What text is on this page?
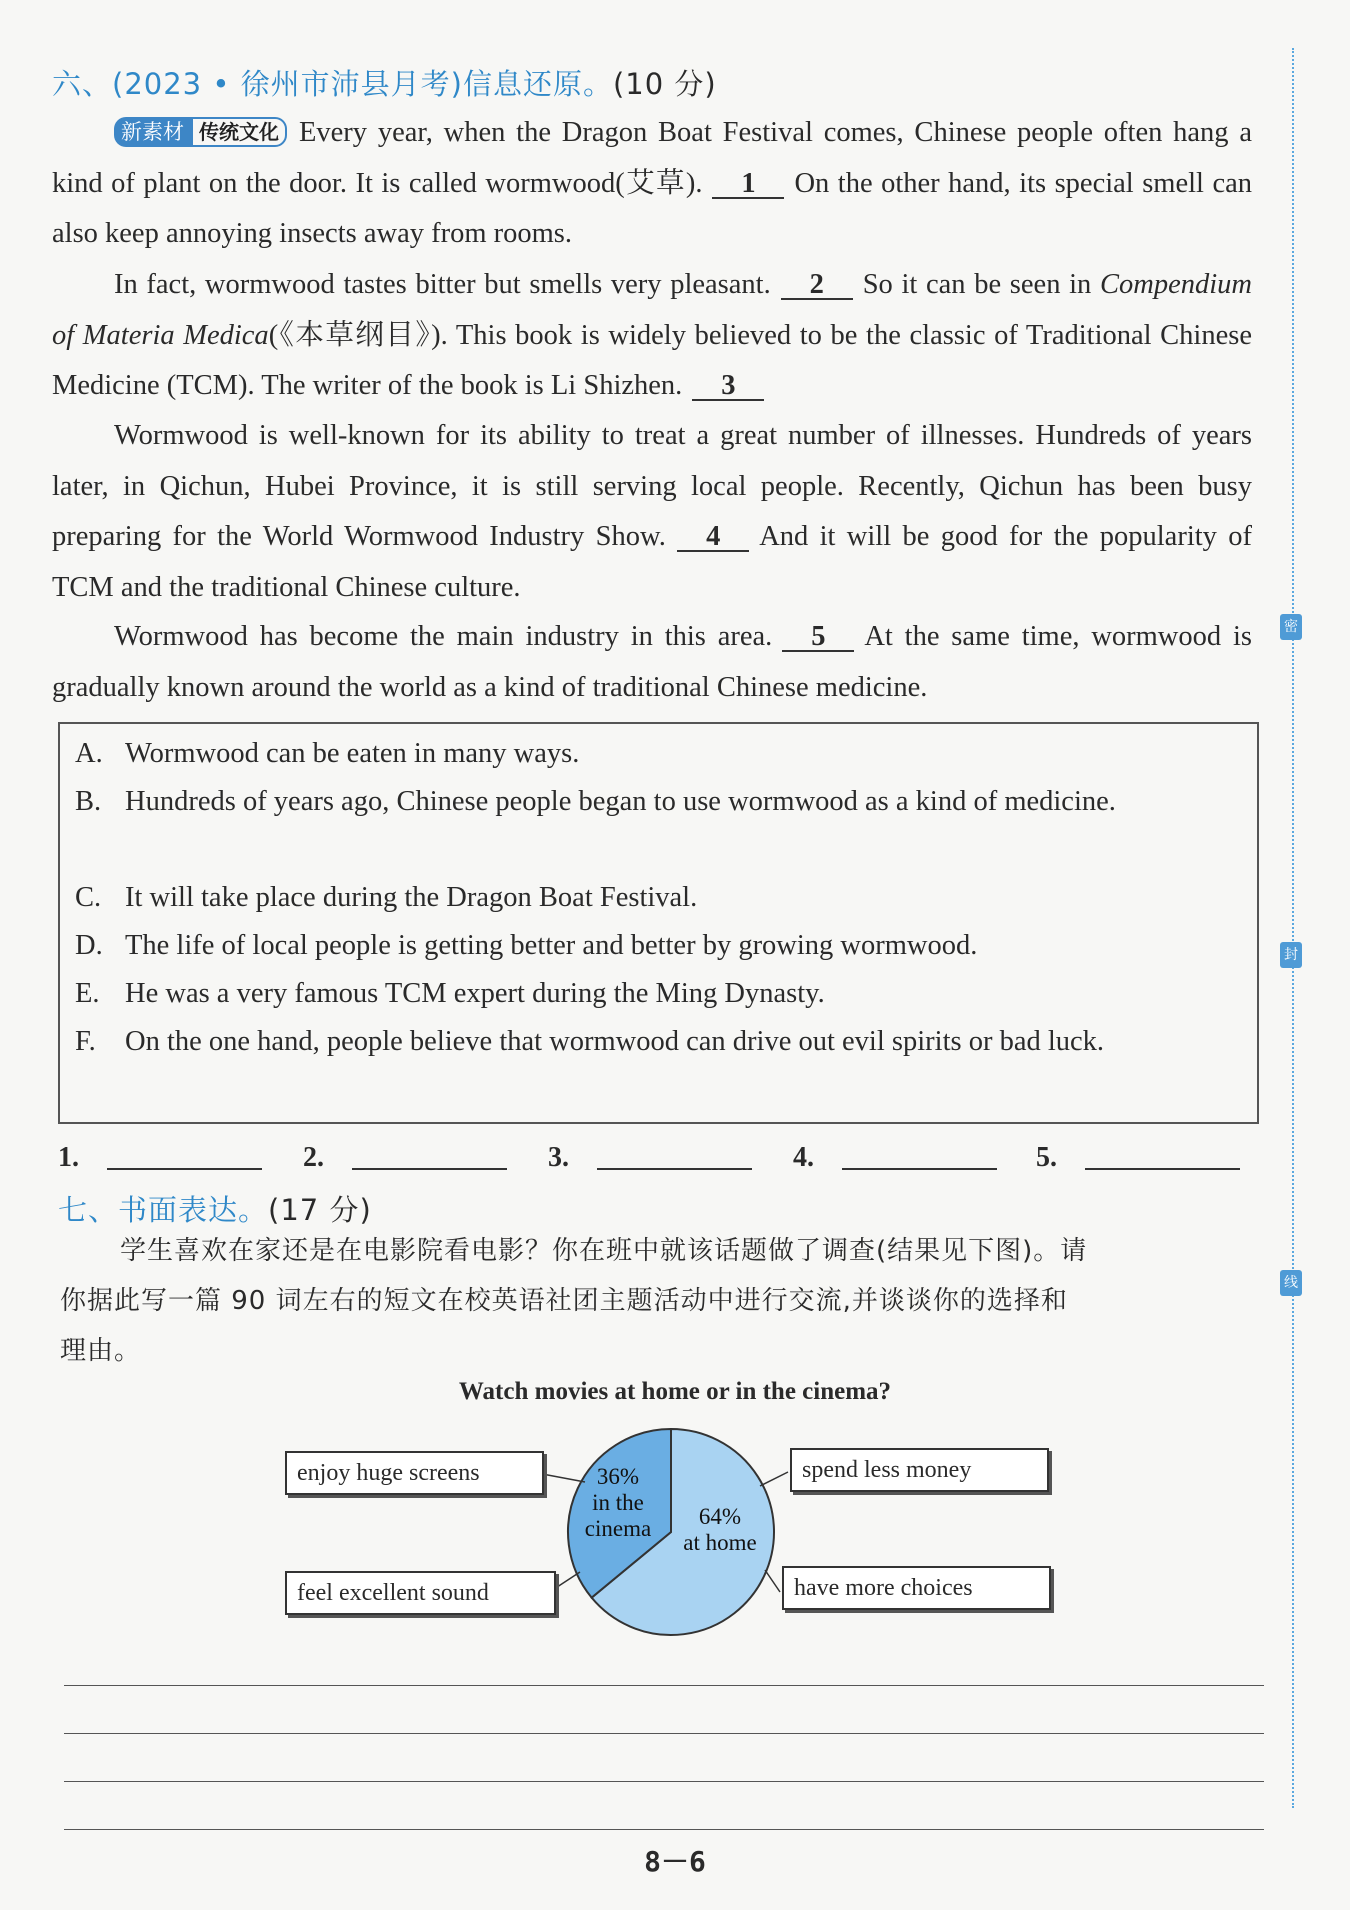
六、(2023 • 徐州市沛县月考)信息还原。(10 分)
新素材 传统文化 Every year, when the Dragon Boat Festival comes, Chinese people often hang a kind of plant on the door. It is called wormwood(艾草). 1 On the other hand, its special smell can also keep annoying insects away from rooms.
In fact, wormwood tastes bitter but smells very pleasant. 2 So it can be seen in Compendium of Materia Medica(《本草纲目》). This book is widely believed to be the classic of Traditional Chinese Medicine (TCM). The writer of the book is Li Shizhen. 3
Wormwood is well-known for its ability to treat a great number of illnesses. Hundreds of years later, in Qichun, Hubei Province, it is still serving local people. Recently, Qichun has been busy preparing for the World Wormwood Industry Show. 4 And it will be good for the popularity of TCM and the traditional Chinese culture.
Wormwood has become the main industry in this area. 5 At the same time, wormwood is gradually known around the world as a kind of traditional Chinese medicine.
A. Wormwood can be eaten in many ways.
B. Hundreds of years ago, Chinese people began to use wormwood as a kind of medicine.
C. It will take place during the Dragon Boat Festival.
D. The life of local people is getting better and better by growing wormwood.
E. He was a very famous TCM expert during the Ming Dynasty.
F. On the one hand, people believe that wormwood can drive out evil spirits or bad luck.
1.	2.	3.	4.	5.
七、书面表达。(17 分)
学生喜欢在家还是在电影院看电影？你在班中就该话题做了调查(结果见下图)。请
你据此写一篇 90 词左右的短文在校英语社团主题活动中进行交流,并谈谈你的选择和
理由。
Watch movies at home or in the cinema?
36%
in the
cinema 64%
at home
enjoy huge screens
feel excellent sound
spend less money
have more choices
8－6
密
封
线
